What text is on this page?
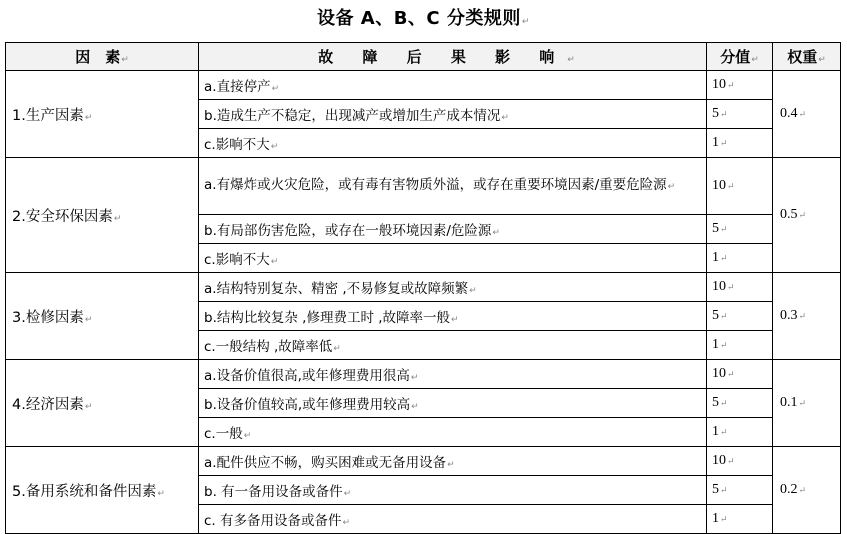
设备 A、B、C 分类规则 ↵
因　素 ↵	故 障 后 果 影 响 ↵	分值 ↵	权重 ↵
1.生产因素 ↵	a.直接停产 ↵	10 ↵	0.4 ↵
	b.造成生产不稳定，出现减产或增加生产成本情况 ↵	5 ↵
	c.影响不大 ↵	1 ↵
2.安全环保因素 ↵	a.有爆炸或火灾危险，或有毒有害物质外溢，或存在重要环境因素/重要危险源 ↵	10 ↵	0.5 ↵
	b.有局部伤害危险，或存在一般环境因素/危险源 ↵	5 ↵
	c.影响不大 ↵	1 ↵
3.检修因素 ↵	a.结构特别复杂、精密 ,不易修复或故障频繁 ↵	10 ↵	0.3 ↵
	b.结构比较复杂 ,修理费工时 ,故障率一般 ↵	5 ↵
	c.一般结构 ,故障率低 ↵	1 ↵
4.经济因素 ↵	a.设备价值很高,或年修理费用很高 ↵	10 ↵	0.1 ↵
	b.设备价值较高,或年修理费用较高 ↵	5 ↵
	c.一般 ↵	1 ↵
5.备用系统和备件因素 ↵	a.配件供应不畅，购买困难或无备用设备 ↵	10 ↵	0.2 ↵
	b. 有一备用设备或备件 ↵	5 ↵
	c. 有多备用设备或备件 ↵	1 ↵
